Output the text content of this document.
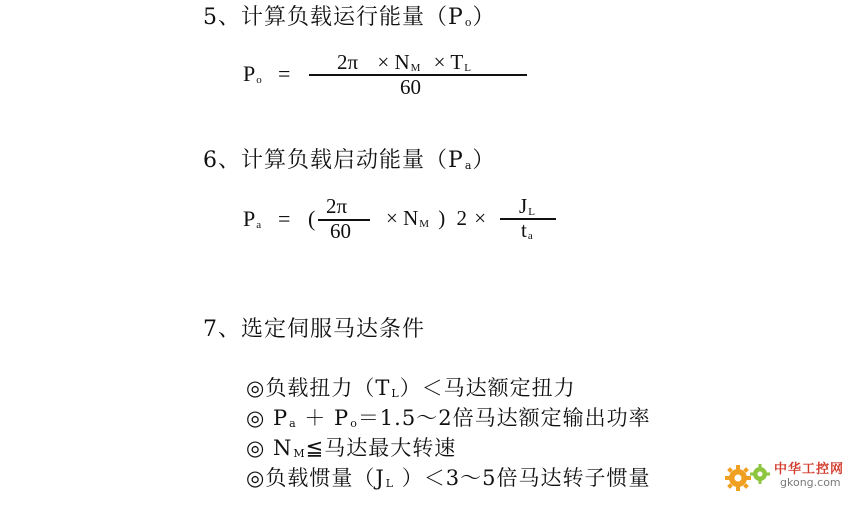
5、计算负载运行能量（Po）
Po = 2π × NM × TL
60
6、计算负载启动能量（Pa）
Pa = ( 2π
60
× NM ) 2 × JL
ta
7、选定伺服马达条件
◎负载扭力（TL）＜马达额定扭力
◎ Pa ＋ Po＝1.5～2倍马达额定输出功率
◎ NM≦马达最大转速
◎负载惯量（JL ）＜3～5倍马达转子惯量	中华工控网
gkong.com
